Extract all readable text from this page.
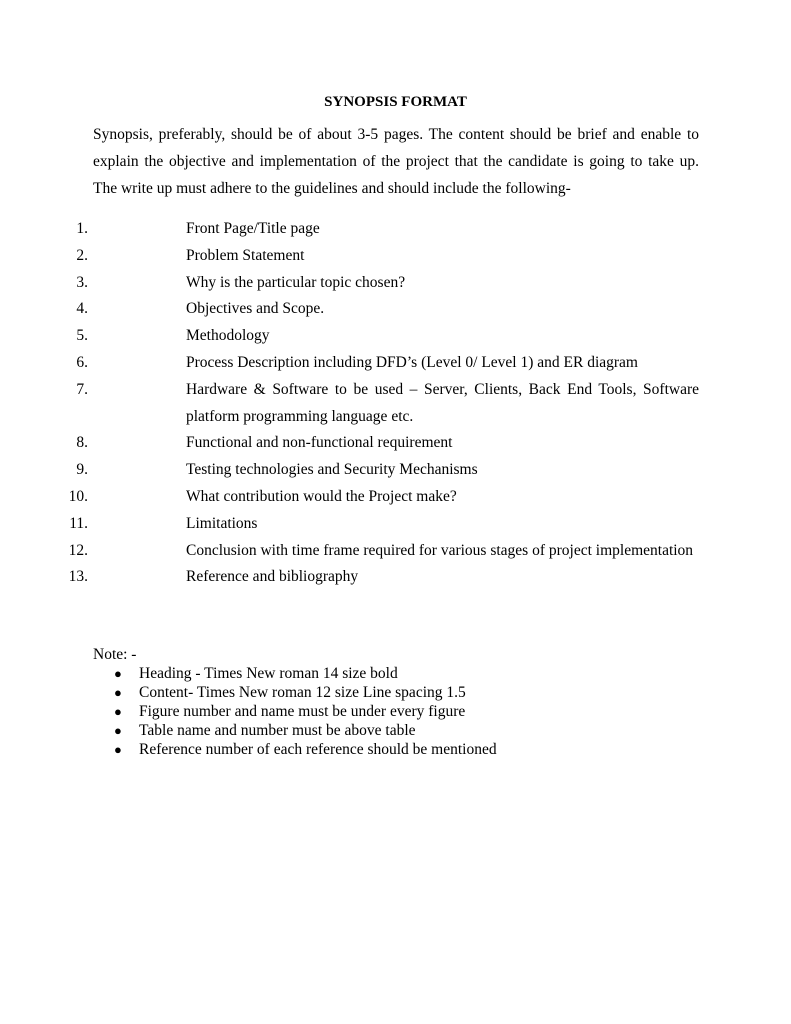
SYNOPSIS FORMAT
Synopsis, preferably, should be of about 3-5 pages. The content should be brief and enable to explain the objective and implementation of the project that the candidate is going to take up. The write up must adhere to the guidelines and should include the following-
1.	Front Page/Title page
2.	Problem Statement
3.	Why is the particular topic chosen?
4.	Objectives and Scope.
5.	Methodology
6.	Process Description including DFD’s (Level 0/ Level 1) and ER diagram
7.	Hardware & Software to be used – Server, Clients, Back End Tools, Software platform programming language etc.
8.	Functional and non-functional requirement
9.	Testing technologies and Security Mechanisms
10.	What contribution would the Project make?
11.	Limitations
12.	Conclusion with time frame required for various stages of project implementation
13.	Reference and bibliography
Note: -
● Heading - Times New roman 14 size bold
● Content- Times New roman 12 size Line spacing 1.5
● Figure number and name must be under every figure
● Table name and number must be above table
● Reference number of each reference should be mentioned
